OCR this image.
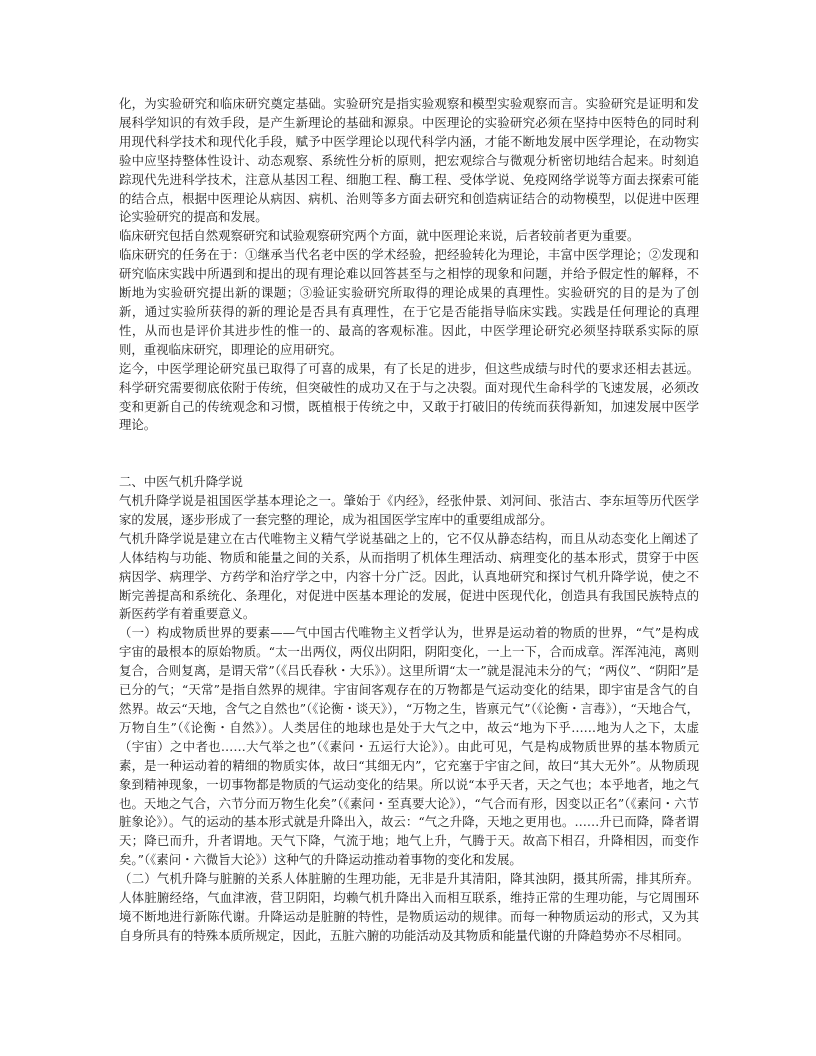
化，为实验研究和临床研究奠定基础。实验研究是指实验观察和模型实验观察而言。实验研究是证明和发展科学知识的有效手段，是产生新理论的基础和源泉。中医理论的实验研究必须在坚持中医特色的同时利用现代科学技术和现代化手段，赋予中医学理论以现代科学内涵，才能不断地发展中医学理论，在动物实验中应坚持整体性设计、动态观察、系统性分析的原则，把宏观综合与微观分析密切地结合起来。时刻追踪现代先进科学技术，注意从基因工程、细胞工程、酶工程、受体学说、免疫网络学说等方面去探索可能的结合点，根据中医理论从病因、病机、治则等多方面去研究和创造病证结合的动物模型，以促进中医理论实验研究的提高和发展。

临床研究包括自然观察研究和试验观察研究两个方面，就中医理论来说，后者较前者更为重要。

临床研究的任务在于：①继承当代名老中医的学术经验，把经验转化为理论，丰富中医学理论；②发现和研究临床实践中所遇到和提出的现有理论难以回答甚至与之相悖的现象和问题，并给予假定性的解释，不断地为实验研究提出新的课题；③验证实验研究所取得的理论成果的真理性。实验研究的目的是为了创新，通过实验所获得的新的理论是否具有真理性，在于它是否能指导临床实践。实践是任何理论的真理性，从而也是评价其进步性的惟一的、最高的客观标准。因此，中医学理论研究必须坚持联系实际的原则，重视临床研究，即理论的应用研究。

迄今，中医学理论研究虽已取得了可喜的成果，有了长足的进步，但这些成绩与时代的要求还相去甚远。科学研究需要彻底依附于传统，但突破性的成功又在于与之决裂。面对现代生命科学的飞速发展，必须改变和更新自己的传统观念和习惯，既植根于传统之中，又敢于打破旧的传统而获得新知，加速发展中医学理论。

二、中医气机升降学说

气机升降学说是祖国医学基本理论之一。肇始于《内经》，经张仲景、刘河间、张洁古、李东垣等历代医学家的发展，逐步形成了一套完整的理论，成为祖国医学宝库中的重要组成部分。

气机升降学说是建立在古代唯物主义精气学说基础之上的，它不仅从静态结构，而且从动态变化上阐述了人体结构与功能、物质和能量之间的关系，从而指明了机体生理活动、病理变化的基本形式，贯穿于中医病因学、病理学、方药学和治疗学之中，内容十分广泛。因此，认真地研究和探讨气机升降学说，使之不断完善提高和系统化、条理化，对促进中医基本理论的发展，促进中医现代化，创造具有我国民族特点的新医药学有着重要意义。

（一）构成物质世界的要素——气中国古代唯物主义哲学认为，世界是运动着的物质的世界，“气”是构成宇宙的最根本的原始物质。“太一出两仪，两仪出阴阳，阴阳变化，一上一下，合而成章。浑浑沌沌，离则复合，合则复离，是谓天常”（《吕氏春秋・大乐》）。这里所谓“太一”就是混沌未分的气；“两仪”、“阴阳”是已分的气；“天常”是指自然界的规律。宇宙间客观存在的万物都是气运动变化的结果，即宇宙是含气的自然界。故云“天地，含气之自然也”（《论衡・谈天》），“万物之生，皆禀元气”（《论衡・言毒》），“天地合气，万物自生”（《论衡・自然》）。人类居住的地球也是处于大气之中，故云“地为下乎……地为人之下，太虚（宇宙）之中者也……大气举之也”（《素问・五运行大论》）。由此可见，气是构成物质世界的基本物质元素，是一种运动着的精细的物质实体，故曰“其细无内”，它充塞于宇宙之间，故曰“其大无外”。从物质现象到精神现象，一切事物都是物质的气运动变化的结果。所以说“本乎天者，天之气也；本乎地者，地之气也。天地之气合，六节分而万物生化矣”（《素问・至真要大论》），“气合而有形，因变以正名”（《素问・六节脏象论》）。气的运动的基本形式就是升降出入，故云：“气之升降，天地之更用也。……升已而降，降者谓天；降已而升，升者谓地。天气下降，气流于地；地气上升，气腾于天。故高下相召，升降相因，而变作矣。”（《素问・六微旨大论》）这种气的升降运动推动着事物的变化和发展。

（二）气机升降与脏腑的关系人体脏腑的生理功能，无非是升其清阳，降其浊阴，摄其所需，排其所弃。人体脏腑经络，气血津液，营卫阴阳，均赖气机升降出入而相互联系，维持正常的生理功能，与它周围环境不断地进行新陈代谢。升降运动是脏腑的特性，是物质运动的规律。而每一种物质运动的形式，又为其自身所具有的特殊本质所规定，因此，五脏六腑的功能活动及其物质和能量代谢的升降趋势亦不尽相同。
